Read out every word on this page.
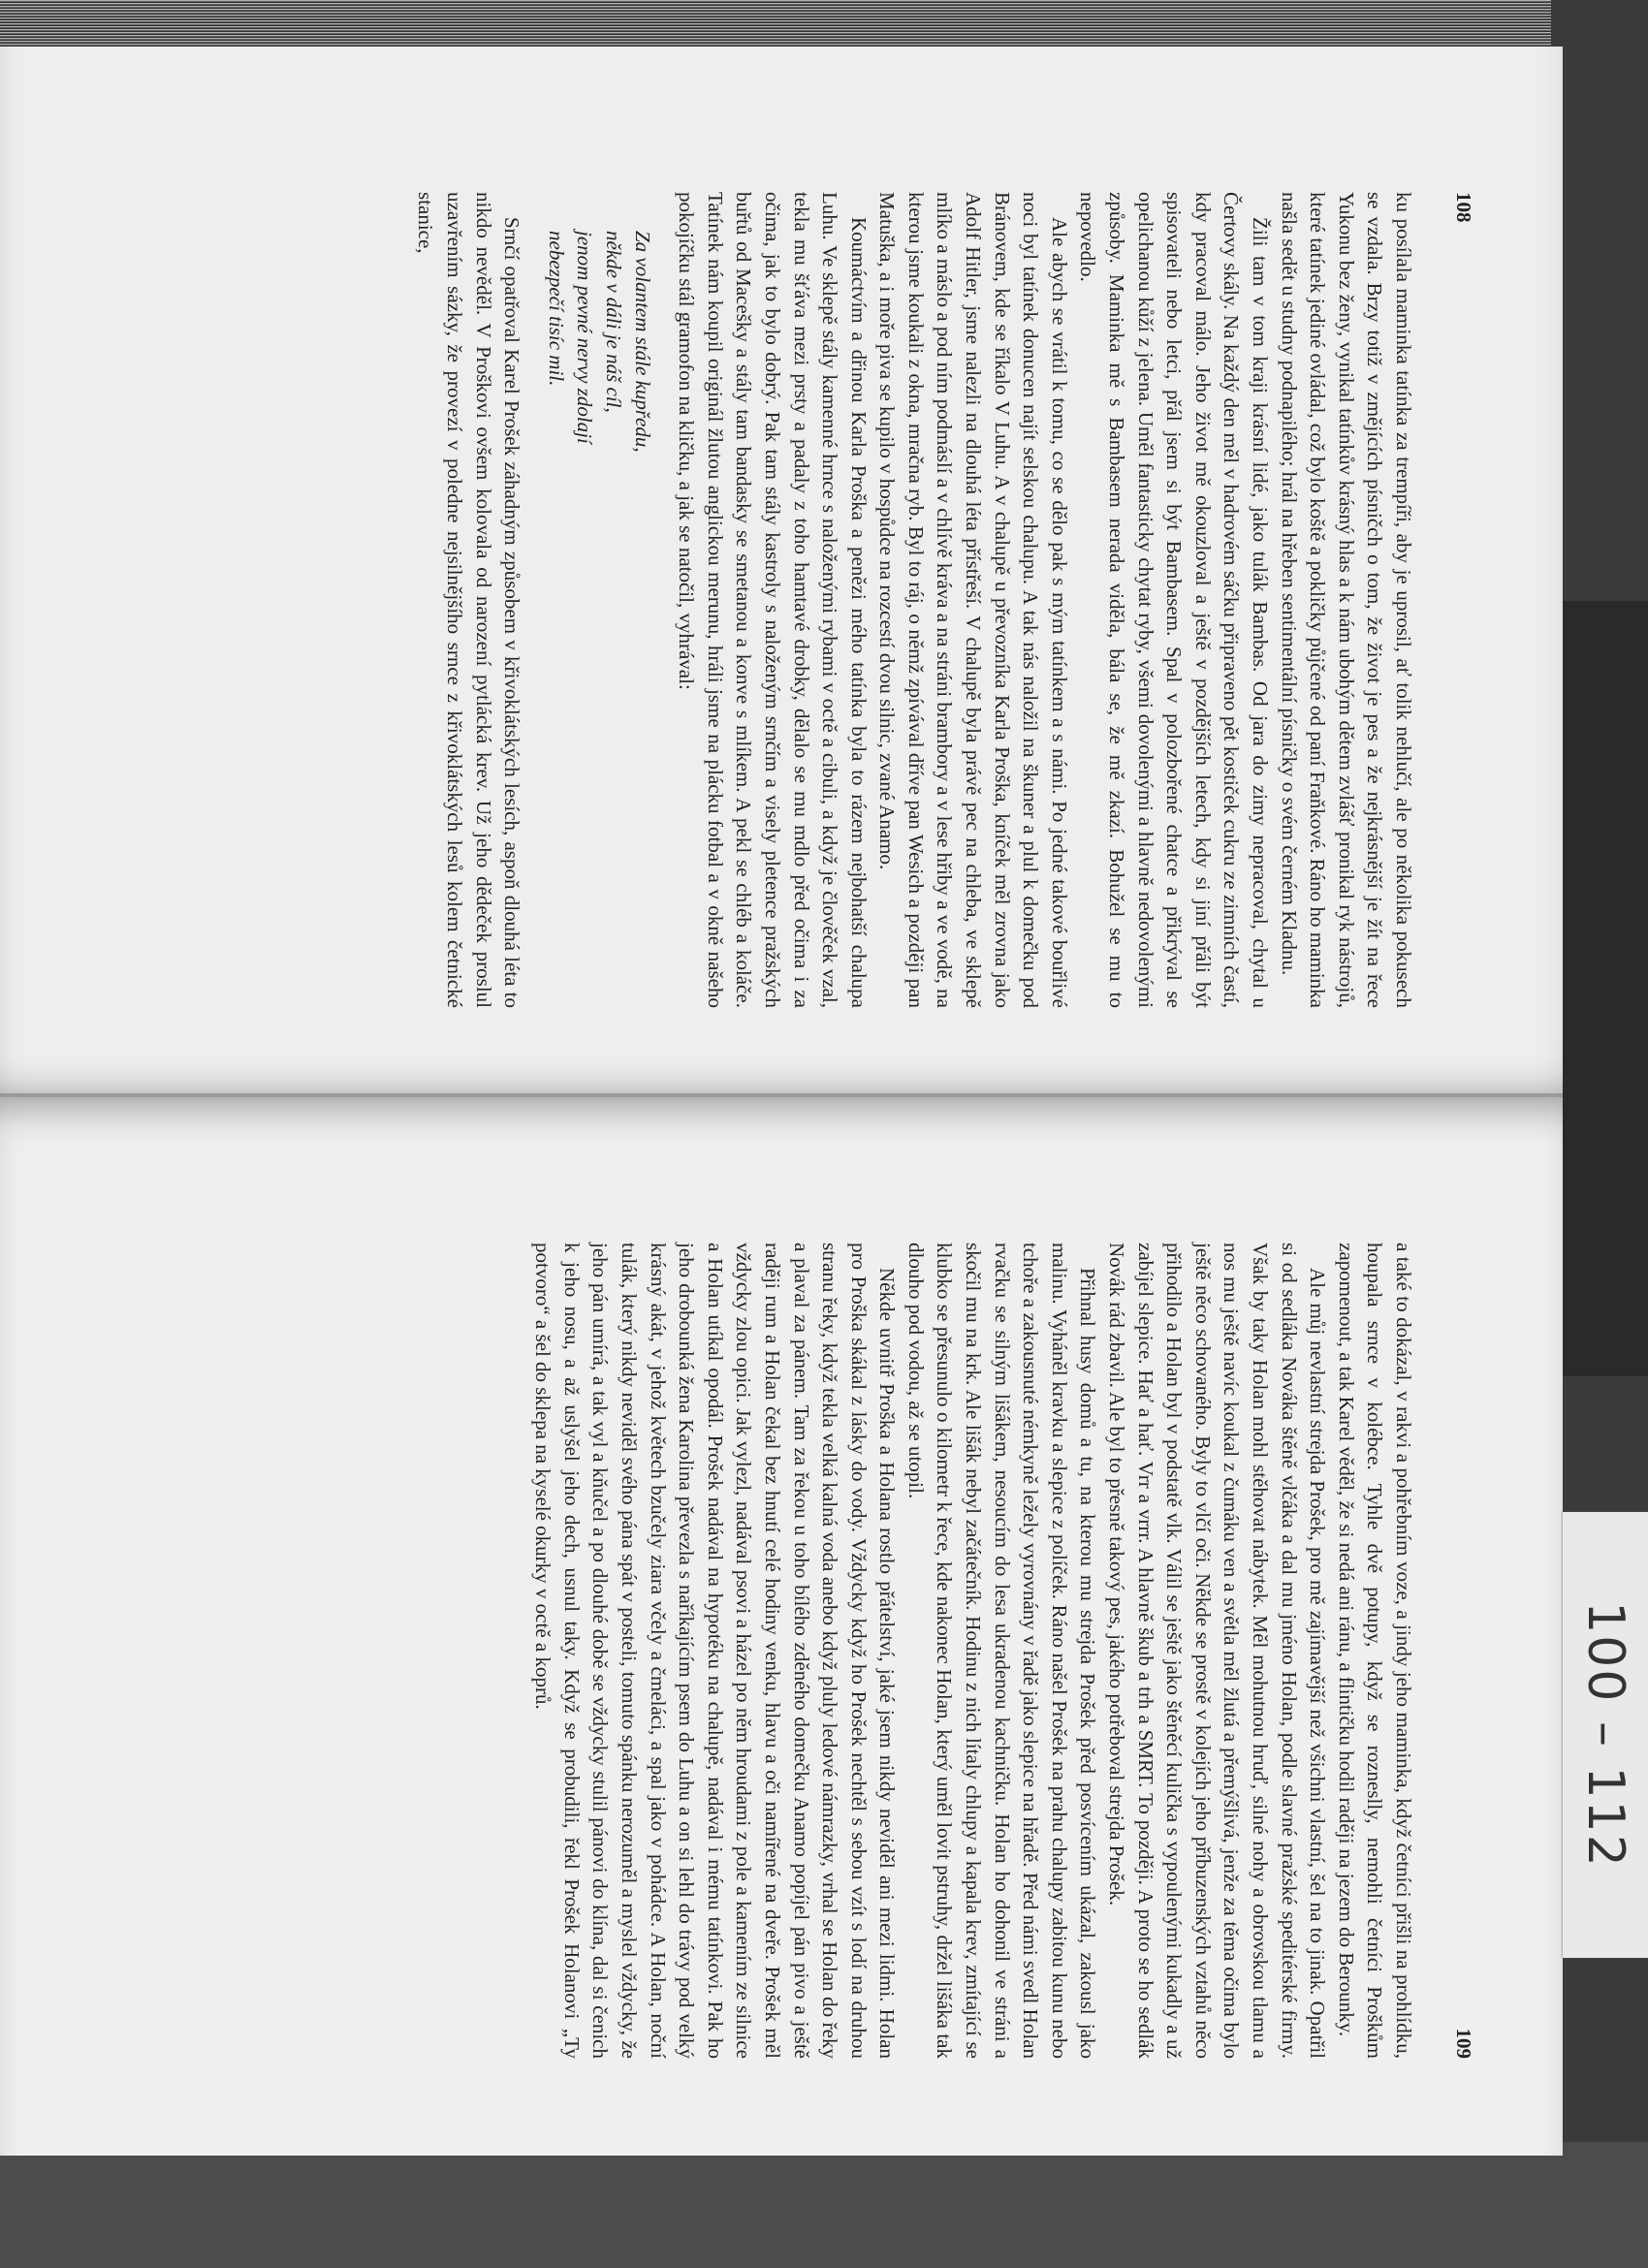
108

ku posílala maminka tatínka za trempíři, aby je uprosil, ať tolik nehlučí, ale po několika pokusech se vzdala. Brzy totiž v změjících písničch o tom, že život je pes a že nejkrásnější je žít na řece Yukonu bez ženy, vynikal tatínkův krásný hlas a k nám ubohým dětem zvlášť pronikal ryk nástrojů, které tatínek jediné ovládal, což bylo koště a pokličky půjčené od paní Fraňkové. Ráno ho maminka našla sedět u studny podnapilého; hrál na hřeben sentimentální písničky o svém černém Kladnu.

Žili tam v tom kraji krásní lidé, jako tulák Bambas. Od jara do zimy nepracoval, chytal u Čertovy skály. Na každý den měl v hadrovém sáčku připraveno pět kostiček cukru ze zimních častí, kdy pracoval málo. Jeho život mě okouzloval a ještě v pozdějších letech, kdy si jiní přáli být spisovateli nebo letci, přál jsem si být Bambasem. Spal v polozbořené chatce a přikrýval se opelichanou kůží z jelena. Uměl fantasticky chytat ryby, všemi dovolenými a hlavně nedovolenými způsoby. Maminka mě s Bambasem nerada viděla, bála se, že mě zkazí. Bohužel se mu to nepovedlo.

Ale abych se vrátil k tomu, co se dělo pak s mým tatínkem a s námi. Po jedné takové bouřlivé noci byl tatínek donucen najít selskou chalupu. A tak nás naložil na škuner a plul k domečku pod Bránovem, kde se říkalo V Luhu. A v chalupě u převozníka Karla Proška, kníček měl zrovna jako Adolf Hitler, jsme nalezli na dlouhá léta přístřeší. V chalupě byla právě pec na chleba, ve sklepě mlíko a máslo a pod ním podmáslí a v chlívě kráva a na stráni brambory a v lese hřiby a ve vodě, na kterou jsme koukali z okna, mračna ryb. Byl to ráj, o němž zpívával dříve pan Wesich a později pan Matuška, a i moře piva se kupilo v hospůdce na rozcestí dvou silnic, zvané Anamo.

Koumáctvím a dřinou Karla Proška a penězi mého tatínka byla to rázem nejbohatší chalupa Luhu. Ve sklepě stály kamenné hrnce s naloženými rybami v octě a cibuli, a když je člověček vzal, tekla mu šťáva mezi prsty a padaly z toho hamtavé drobky, dělalo se mu mdlo před očima i za očima, jak to bylo dobrý. Pak tam stály kastroly s naloženým srnčím a visely pletence pražských buřtů od Macešky a stály tam bandasky se smetanou a konve s mlíkem. A pekl se chléb a koláče. Tatínek nám koupil originál žlutou anglickou merunu, hráli jsme na plácku fotbal a v okně našeho pokojíčku stál gramofon na kličku, a jak se natočil, vyhrával:

Za volantem stále kupředu,
někde v dáli je náš cíl,
jenom pevné nervy zdolají
nebezpečí tisíc mil.

Srnčí opatřoval Karel Prošek záhadným způsobem v křivoklátských lesích, aspoň dlouhá léta to nikdo nevěděl. V Proškovi ovšem kolovala od narození pytlácká krev. Už jeho dědeček proslul uzavřením sázky, že provezí v poledne nejsilnějšího srnce z křivoklátských lesů kolem četnické stanice,

109

a také to dokázal, v rakvi a pohřebním voze, a jindy jeho maminka, když četníci přišli na prohlídku, houpala srnce v kolébce. Tyhle dvě potupy, když se rozneslly, nemohli četníci Proškům zapomenout, a tak Karel věděl, že si nedá ani ránu, a flintičku hodil raději na jezem do Berounky.

Ale můj nevlastní strejda Prošek, pro mě zajímavější než všichni vlastní, šel na to jinak. Opatřil si od sedláka Nováka štěně vlčáka a dal mu jméno Holan, podle slavné pražské speditérské firmy. Však by taky Holan mohl stěhovat nábytek. Měl mohutnou hruď, silné nohy a obrovskou tlamu a nos mu ještě navíc koukal z čumáku ven a světla měl žlutá a přemýšlivá, jenže za těma očima bylo ještě něco schovaného. Byly to vlčí oči. Někde se prostě v kolejích jeho příbuzenských vztahů něco přihodilo a Holan byl v podstatě vlk. Válil se ještě jako štěněcí kulička s vypoulenými kukadly a už zabíjel slepice. Hať a hať. Vrr a vrrr. A hlavně škub a trh a SMRT. To později. A proto se ho sedlák Novák rád zbavil. Ale byl to přesně takový pes, jakého potřeboval strejda Prošek.

Přihnal husy domů a tu, na kterou mu strejda Prošek před posvícením ukázal, zakousl jako malinu. Vyháněl kravku a slepice z políček. Ráno našel Prošek na prahu chalupy zabitou kunu nebo tchoře a zakousnuté némkyně ležely vyrovnány v řadě jako slepice na hřadě. Před námi svedl Holan rvačku se silným lišákem, nesoucím do lesa ukradenou kachničku. Holan ho dohonil ve stráni a skočil mu na krk. Ale lišák nebyl začátečník. Hodinu z nich lítaly chlupy a kapala krev, zmítající se klubko se přesunulo o kilometr k řece, kde nakonec Holan, který uměl lovit pstruhy, držel lišáka tak dlouho pod vodou, až se utopil.

Někde uvnitř Proška a Holana rostlo přátelství, jaké jsem nikdy neviděl ani mezi lidmi. Holan pro Proška skákal z lásky do vody. Vždycky když ho Prošek nechtěl s sebou vzít s lodí na druhou stranu řeky, když tekla velká kalná voda anebo když pluly ledové námrazky, vrhal se Holan do řeky a plaval za pánem. Tam za řekou u toho bílého zděného domečku Anamo popíjel pán pivo a ještě raději rum a Holan čekal bez hnutí celé hodiny venku, hlavu a oči namířené na dveře. Prošek měl vždycky zlou opici. Jak vylezl, nadával psovi a házel po něm hroudami z pole a kamením ze silnice a Holan utíkal opodál. Prošek nadával na hypotéku na chalupě, nadával i mému tatínkovi. Pak ho jeho drobounká žena Karolina převezla s naříkajícím psem do Luhu a on si lehl do trávy pod velký krásný akát, v jehož květech bzučely ziara včely a čmeláci, a spal jako v pohádce. A Holan, noční tulák, který nikdy neviděl svého pána spát v posteli, tomuto spánku nerozuměl a myslel vždycky, že jeho pán umírá, a tak vyl a kňučel a po dlouhé době se vždycky stulil pánovi do klína, dal si čenich k jeho nosu, a až uslyšel jeho dech, usnul taky. Když se probudili, řekl Prošek Holanovi „Ty potvoro“ a šel do sklepa na kyselé okurky v octě a koprů.

100 – 112
